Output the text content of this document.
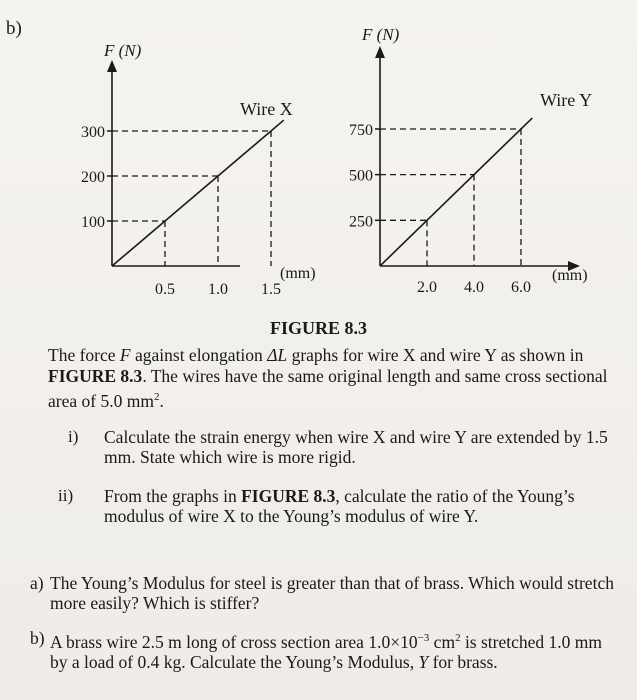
b)
F (N)
100
0.5
200
1.0
300
1.5
(mm)
Wire X
F (N)
250
2.0
500
4.0
750
6.0
(mm)
Wire Y
FIGURE 8.3
The force F against elongation ΔL graphs for wire X and wire Y as shown in FIGURE 8.3. The wires have the same original length and same cross sectional area of 5.0 $mm^2$.
i) Calculate the strain energy when wire X and wire Y are extended by 1.5 mm. State which wire is more rigid.
ii) From the graphs in FIGURE 8.3, calculate the ratio of the Young’s modulus of wire X to the Young’s modulus of wire Y.
a) The Young’s Modulus for steel is greater than that of brass. Which would stretch more easily? Which is stiffer?
b) A brass wire 2.5 m long of cross section area $1.0\times 10^{-3}$ $cm^2$ is stretched 1.0 mm by a load of 0.4 kg. Calculate the Young’s Modulus, Y for brass.
